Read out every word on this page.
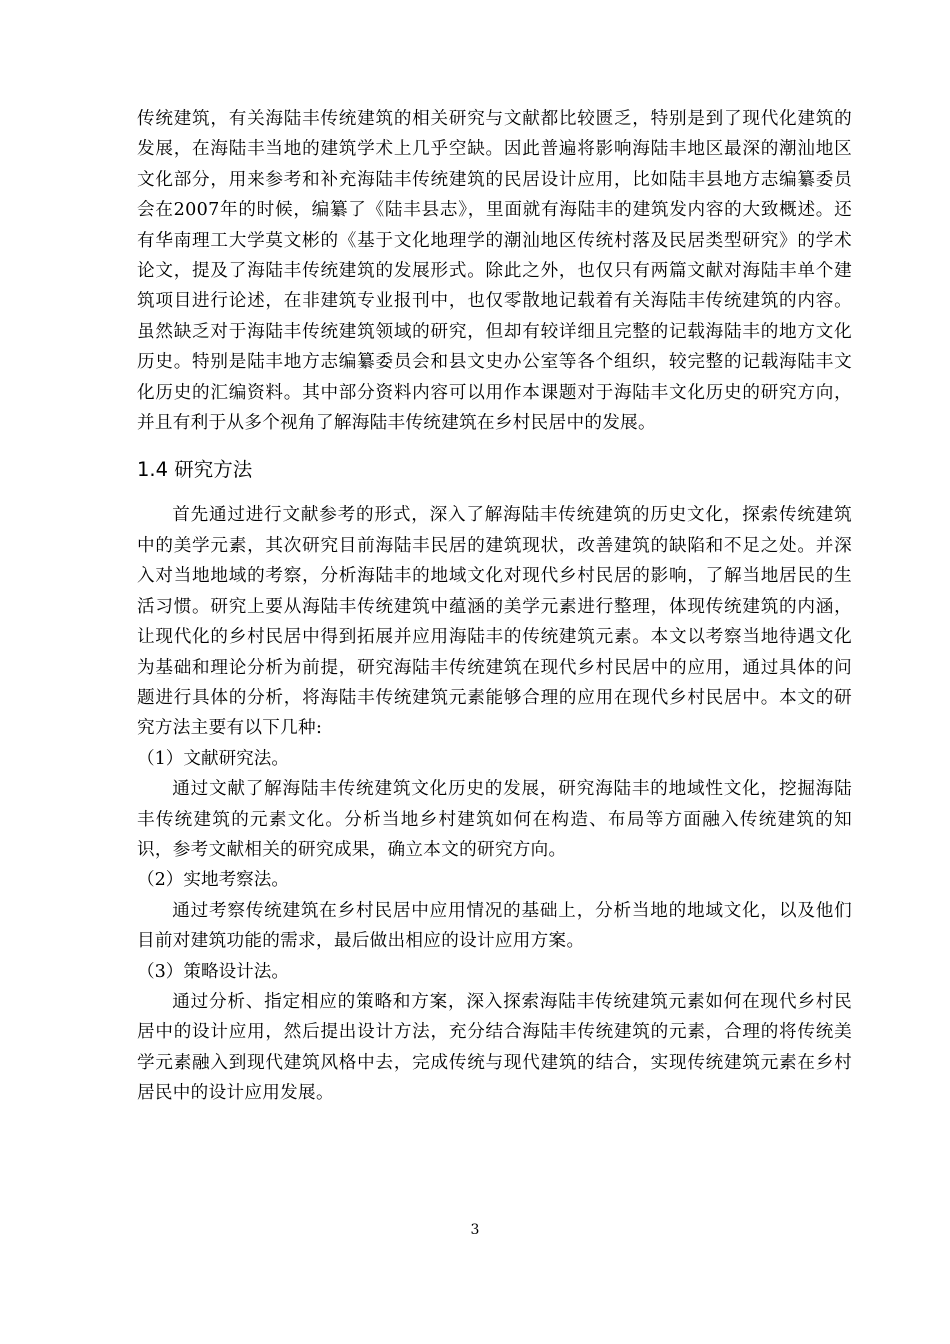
传统建筑，有关海陆丰传统建筑的相关研究与文献都比较匮乏，特别是到了现代化建筑的发展，在海陆丰当地的建筑学术上几乎空缺。因此普遍将影响海陆丰地区最深的潮汕地区文化部分，用来参考和补充海陆丰传统建筑的民居设计应用，比如陆丰县地方志编纂委员会在2007年的时候，编纂了《陆丰县志》，里面就有海陆丰的建筑发内容的大致概述。还有华南理工大学莫文彬的《基于文化地理学的潮汕地区传统村落及民居类型研究》的学术论文，提及了海陆丰传统建筑的发展形式。除此之外，也仅只有两篇文献对海陆丰单个建筑项目进行论述，在非建筑专业报刊中，也仅零散地记载着有关海陆丰传统建筑的内容。虽然缺乏对于海陆丰传统建筑领域的研究，但却有较详细且完整的记载海陆丰的地方文化历史。特别是陆丰地方志编纂委员会和县文史办公室等各个组织，较完整的记载海陆丰文化历史的汇编资料。其中部分资料内容可以用作本课题对于海陆丰文化历史的研究方向，并且有利于从多个视角了解海陆丰传统建筑在乡村民居中的发展。

1.4 研究方法

首先通过进行文献参考的形式，深入了解海陆丰传统建筑的历史文化，探索传统建筑中的美学元素，其次研究目前海陆丰民居的建筑现状，改善建筑的缺陷和不足之处。并深入对当地地域的考察，分析海陆丰的地域文化对现代乡村民居的影响，了解当地居民的生活习惯。研究上要从海陆丰传统建筑中蕴涵的美学元素进行整理，体现传统建筑的内涵，让现代化的乡村民居中得到拓展并应用海陆丰的传统建筑元素。本文以考察当地待遇文化为基础和理论分析为前提，研究海陆丰传统建筑在现代乡村民居中的应用，通过具体的问题进行具体的分析，将海陆丰传统建筑元素能够合理的应用在现代乡村民居中。本文的研究方法主要有以下几种:

（1）文献研究法。

通过文献了解海陆丰传统建筑文化历史的发展，研究海陆丰的地域性文化，挖掘海陆丰传统建筑的元素文化。分析当地乡村建筑如何在构造、布局等方面融入传统建筑的知识，参考文献相关的研究成果，确立本文的研究方向。

（2）实地考察法。

通过考察传统建筑在乡村民居中应用情况的基础上，分析当地的地域文化，以及他们目前对建筑功能的需求，最后做出相应的设计应用方案。

（3）策略设计法。

通过分析、指定相应的策略和方案，深入探索海陆丰传统建筑元素如何在现代乡村民居中的设计应用，然后提出设计方法，充分结合海陆丰传统建筑的元素，合理的将传统美学元素融入到现代建筑风格中去，完成传统与现代建筑的结合，实现传统建筑元素在乡村居民中的设计应用发展。

3
